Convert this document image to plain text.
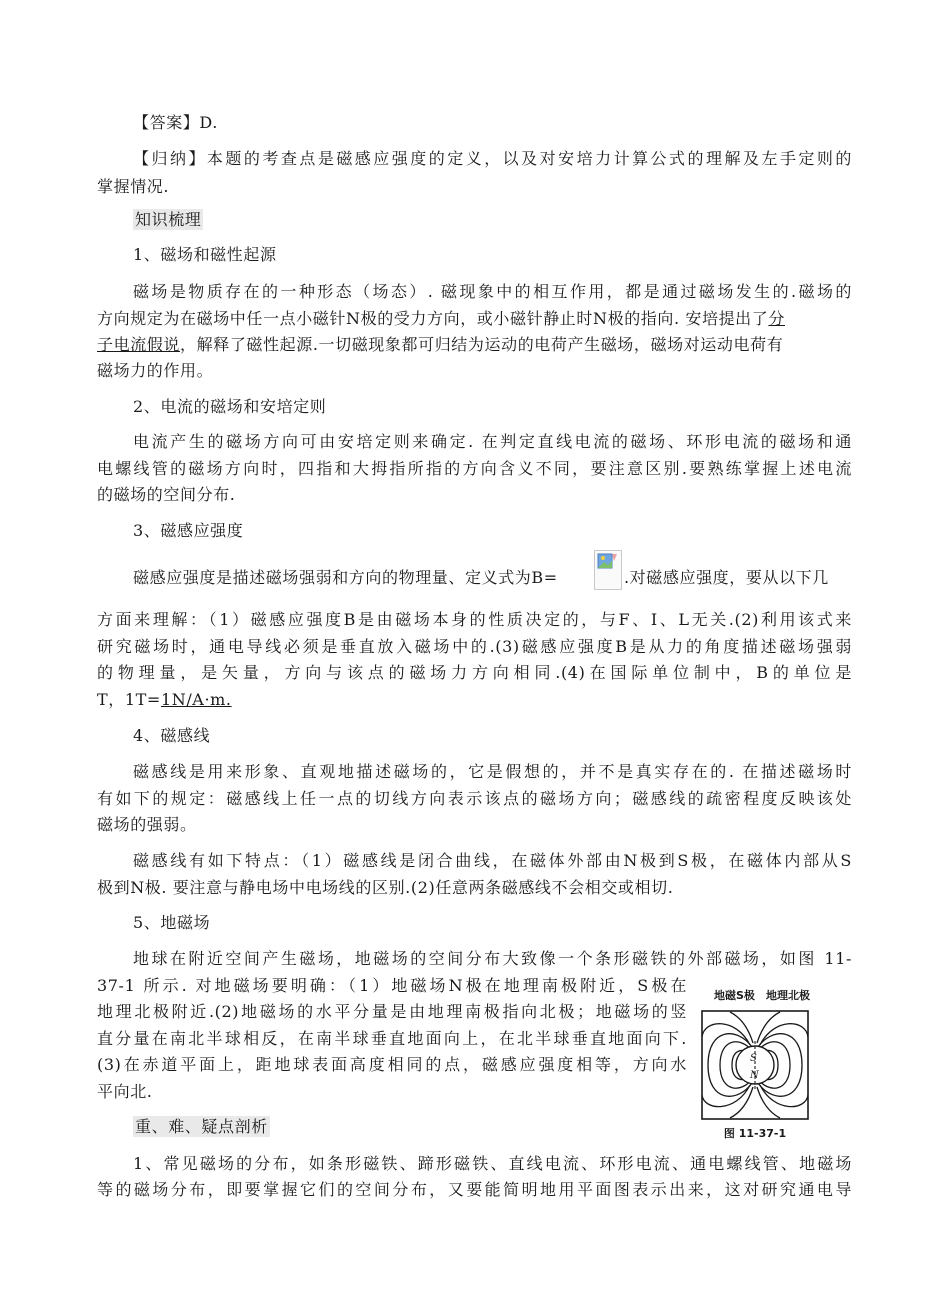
【答案】D.
【归纳】本题的考查点是磁感应强度的定义，以及对安培力计算公式的理解及左手定则的
掌握情况.
知识梳理
1、磁场和磁性起源
磁场是物质存在的一种形态（场态）. 磁现象中的相互作用，都是通过磁场发生的.磁场的
方向规定为在磁场中任一点小磁针N极的受力方向，或小磁针静止时N极的指向. 安培提出了分
子电流假说，解释了磁性起源.一切磁现象都可归结为运动的电荷产生磁场，磁场对运动电荷有
磁场力的作用。
2、电流的磁场和安培定则
电流产生的磁场方向可由安培定则来确定. 在判定直线电流的磁场、环形电流的磁场和通
电螺线管的磁场方向时，四指和大拇指所指的方向含义不同，要注意区别.要熟练掌握上述电流
的磁场的空间分布.
3、磁感应强度
磁感应强度是描述磁场强弱和方向的物理量、定义式为B=	.对磁感应强度，要从以下几
方面来理解：（1）磁感应强度B是由磁场本身的性质决定的，与F、I、L无关.(2)利用该式来
研究磁场时，通电导线必须是垂直放入磁场中的.(3)磁感应强度B是从力的角度描述磁场强弱
的物理量，是矢量，方向与该点的磁场力方向相同.(4)在国际单位制中，B的单位是
T，1T=1N/A·m.
4、磁感线
磁感线是用来形象、直观地描述磁场的，它是假想的，并不是真实存在的. 在描述磁场时
有如下的规定：磁感线上任一点的切线方向表示该点的磁场方向；磁感线的疏密程度反映该处
磁场的强弱。
磁感线有如下特点：（1）磁感线是闭合曲线，在磁体外部由N极到S极，在磁体内部从S
极到N极. 要注意与静电场中电场线的区别.(2)任意两条磁感线不会相交或相切.
5、地磁场
地球在附近空间产生磁场，地磁场的空间分布大致像一个条形磁铁的外部磁场，如图 11-
37-1 所示. 对地磁场要明确：（1）地磁场N极在地理南极附近，S极在
地理北极附近.(2)地磁场的水平分量是由地理南极指向北极；地磁场的竖
直分量在南北半球相反，在南半球垂直地面向上，在北半球垂直地面向下.
(3)在赤道平面上，距地球表面高度相同的点，磁感应强度相等，方向水
平向北.
重、难、疑点剖析
1、常见磁场的分布，如条形磁铁、蹄形磁铁、直线电流、环形电流、通电螺线管、地磁场
等的磁场分布，即要掌握它们的空间分布，又要能简明地用平面图表示出来，这对研究通电导
地磁S极 地理北极
S
N
图 11-37-1
